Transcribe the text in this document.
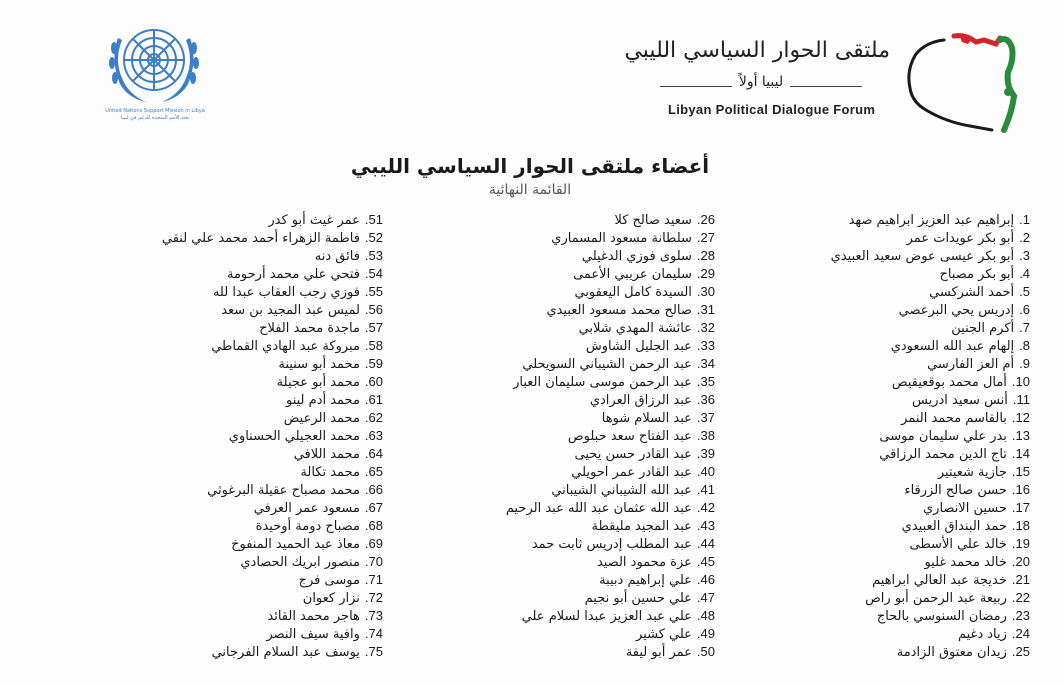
United Nations Support Mission in Libya
بعثة الأمم المتحدة للدعم في ليبيا
ملتقى الحوار السياسي الليبي
ليبيا أولاً
Libyan Political Dialogue Forum
أعضاء ملتقى الحوار السياسي الليبي
القائمة النهائية
.1إبراهيم عبد العزيز ابراهيم صهد
.2أبو بكر عويدات عمر
.3أبو بكر عيسى عوض سعيد العبيدي
.4أبو بكر مصباح
.5أحمد الشركسي
.6إدريس يحي البرعصي
.7أكرم الجنين
.8إلهام عبد الله السعودي
.9أم العز الفارسي
.10أمال محمد بوقعيقيص
.11أنس سعيد ادريس
.12بالقاسم محمد النمر
.13بدر علي سليمان موسى
.14تاج الدين محمد الرزاقي
.15جازية شعيتير
.16حسن صالح الزرقاء
.17حسين الانصاري
.18حمد البنداق العبيدي
.19خالد علي الأسطى
.20خالد محمد غليو
.21خديجة عبد العالي ابراهيم
.22ربيعة عبد الرحمن أبو راص
.23رمضان السنوسي بالحاج
.24زياد دغيم
.25زيدان معتوق الزادمة
.26سعيد صالح كلا
.27سلطانة مسعود المسماري
.28سلوى فوزي الدغيلي
.29سليمان عريبي الأعمى
.30السيدة كامل اليعقوبي
.31صالح محمد مسعود العبيدي
.32عائشة المهدي شلابي
.33عبد الجليل الشاوش
.34عبد الرحمن الشيباني السويحلي
.35عبد الرحمن موسى سليمان العبار
.36عبد الرزاق العرادي
.37عبد السلام شوها
.38عبد الفتاح سعد حبلوص
.39عبد القادر حسن يحيى
.40عبد القادر عمر احويلي
.41عبد الله الشيباني الشيباني
.42عبد الله عثمان عبد الله عبد الرحيم
.43عبد المجيد مليقطة
.44عبد المطلب إدريس ثابت حمد
.45عزة محمود الصيد
.46علي إبراهيم دبيبة
.47علي حسين أبو نجيم
.48علي عبد العزيز عبدا لسلام علي
.49علي كشير
.50عمر أبو ليفة
.51عمر غيث أبو كدر
.52فاطمة الزهراء أحمد محمد علي لنقي
.53فائق دنه
.54فتحي علي محمد أرحومة
.55فوزي رجب العقاب عبدا لله
.56لميس عبد المجيد بن سعد
.57ماجدة محمد الفلاح
.58مبروكة عبد الهادي القماطي
.59محمد أبو سنينة
.60محمد أبو عجيلة
.61محمد أدم لينو
.62محمد الرعيض
.63محمد العجيلي الحسناوي
.64محمد اللافي
.65محمد تكالة
.66محمد مصباح عقيلة البرغوثي
.67مسعود عمر العرفي
.68مصباح دومة أوحيدة
.69معاذ عبد الحميد المنفوخ
.70منصور ابريك الحصادي
.71موسى فرج
.72نزار كعوان
.73هاجر محمد القائد
.74وافية سيف النصر
.75يوسف عبد السلام الفرجاني
